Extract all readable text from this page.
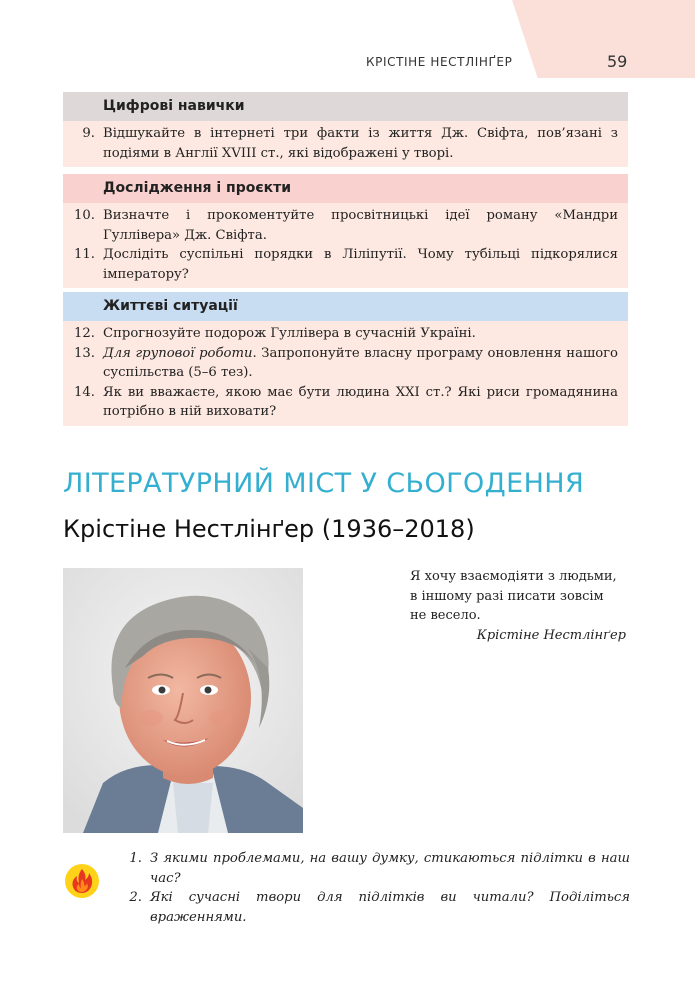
КРІСТІНЕ НЕСТЛІНҐЕР	59
Цифрові навички
9. Відшукайте в інтернеті три факти із життя Дж. Свіфта, пов’язані з подіями в Англії XVIII ст., які відображені у творі.
Дослідження і проєкти
10. Визначте і прокоментуйте просвітницькі ідеї роману «Мандри Гуллівера» Дж. Свіфта.
11. Дослідіть суспільні порядки в Ліліпутії. Чому тубільці підкорялися імператору?
Життєві ситуації
12. Спрогнозуйте подорож Гуллівера в сучасній Україні.
13. Для групової роботи. Запропонуйте власну програму оновлення нашого суспільства (5–6 тез).
14. Як ви вважаєте, якою має бути людина XXI ст.? Які риси громадянина потрібно в ній виховати?
ЛІТЕРАТУРНИЙ МІСТ У СЬОГОДЕННЯ
Крістіне Нестлінґер (1936–2018)
Я хочу взаємодіяти з людьми,
в іншому разі писати зовсім
не весело.
Крістіне Нестлінґер
1. З якими проблемами, на вашу думку, стикаються підлітки в наш час?
2. Які сучасні твори для підлітків ви читали? Поділіться враженнями.
